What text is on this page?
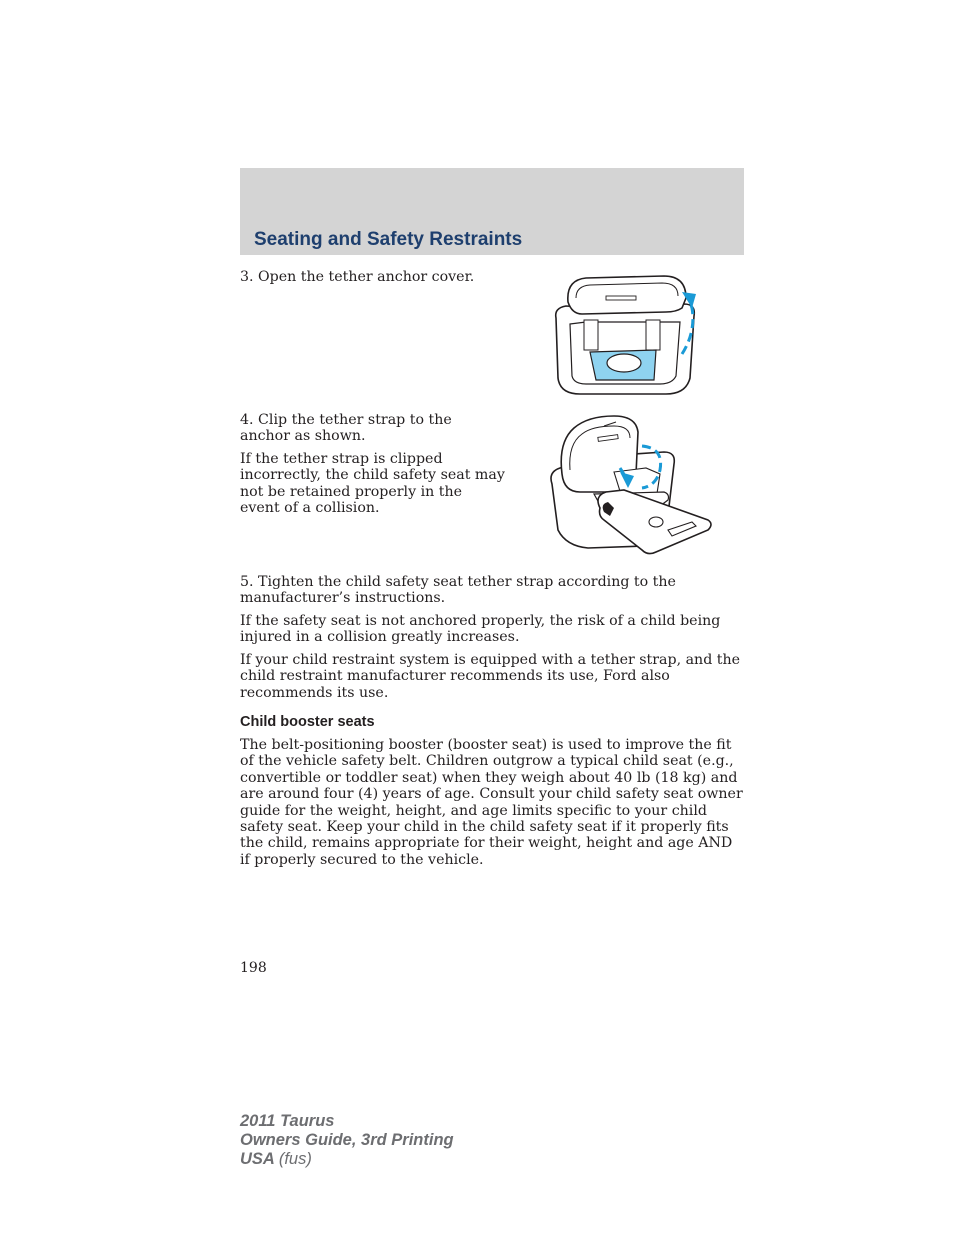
Seating and Safety Restraints

3. Open the tether anchor cover.

4. Clip the tether strap to the anchor as shown.

If the tether strap is clipped incorrectly, the child safety seat may not be retained properly in the event of a collision.

5. Tighten the child safety seat tether strap according to the manufacturer’s instructions.

If the safety seat is not anchored properly, the risk of a child being injured in a collision greatly increases.

If your child restraint system is equipped with a tether strap, and the child restraint manufacturer recommends its use, Ford also recommends its use.

Child booster seats

The belt-positioning booster (booster seat) is used to improve the fit of the vehicle safety belt. Children outgrow a typical child seat (e.g., convertible or toddler seat) when they weigh about 40 lb (18 kg) and are around four (4) years of age. Consult your child safety seat owner guide for the weight, height, and age limits specific to your child safety seat. Keep your child in the child safety seat if it properly fits the child, remains appropriate for their weight, height and age AND if properly secured to the vehicle.

198

2011 Taurus
Owners Guide, 3rd Printing
USA (fus)
